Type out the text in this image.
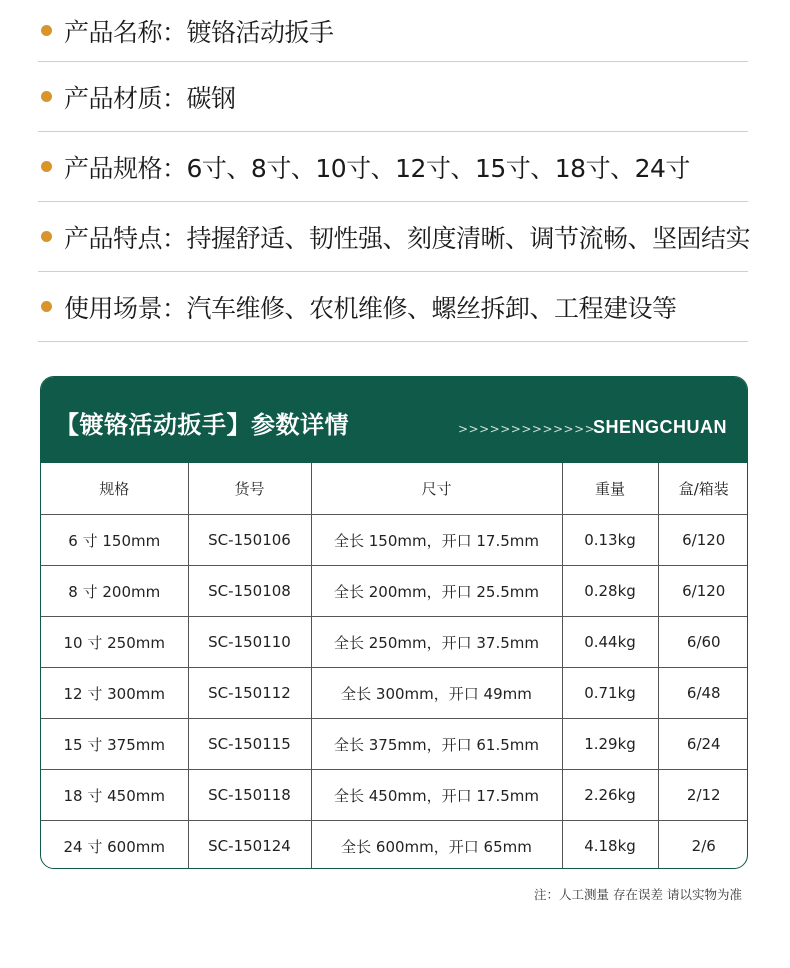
产品名称：镀铬活动扳手
产品材质：碳钢
产品规格：6寸、8寸、10寸、12寸、15寸、18寸、24寸
产品特点：持握舒适、韧性强、刻度清晰、调节流畅、坚固结实
使用场景：汽车维修、农机维修、螺丝拆卸、工程建设等
【镀铬活动扳手】参数详情	>>>>>>>>>>>>>
SHENGCHUAN
规格	货号	尺寸	重量	盒/箱装
6 寸 150mm	SC-150106	全长 150mm，开口 17.5mm	0.13kg	6/120
8 寸 200mm	SC-150108	全长 200mm，开口 25.5mm	0.28kg	6/120
10 寸 250mm	SC-150110	全长 250mm，开口 37.5mm	0.44kg	6/60
12 寸 300mm	SC-150112	全长 300mm，开口 49mm	0.71kg	6/48
15 寸 375mm	SC-150115	全长 375mm，开口 61.5mm	1.29kg	6/24
18 寸 450mm	SC-150118	全长 450mm，开口 17.5mm	2.26kg	2/12
24 寸 600mm	SC-150124	全长 600mm，开口 65mm	4.18kg	2/6
注：人工测量 存在误差 请以实物为准
